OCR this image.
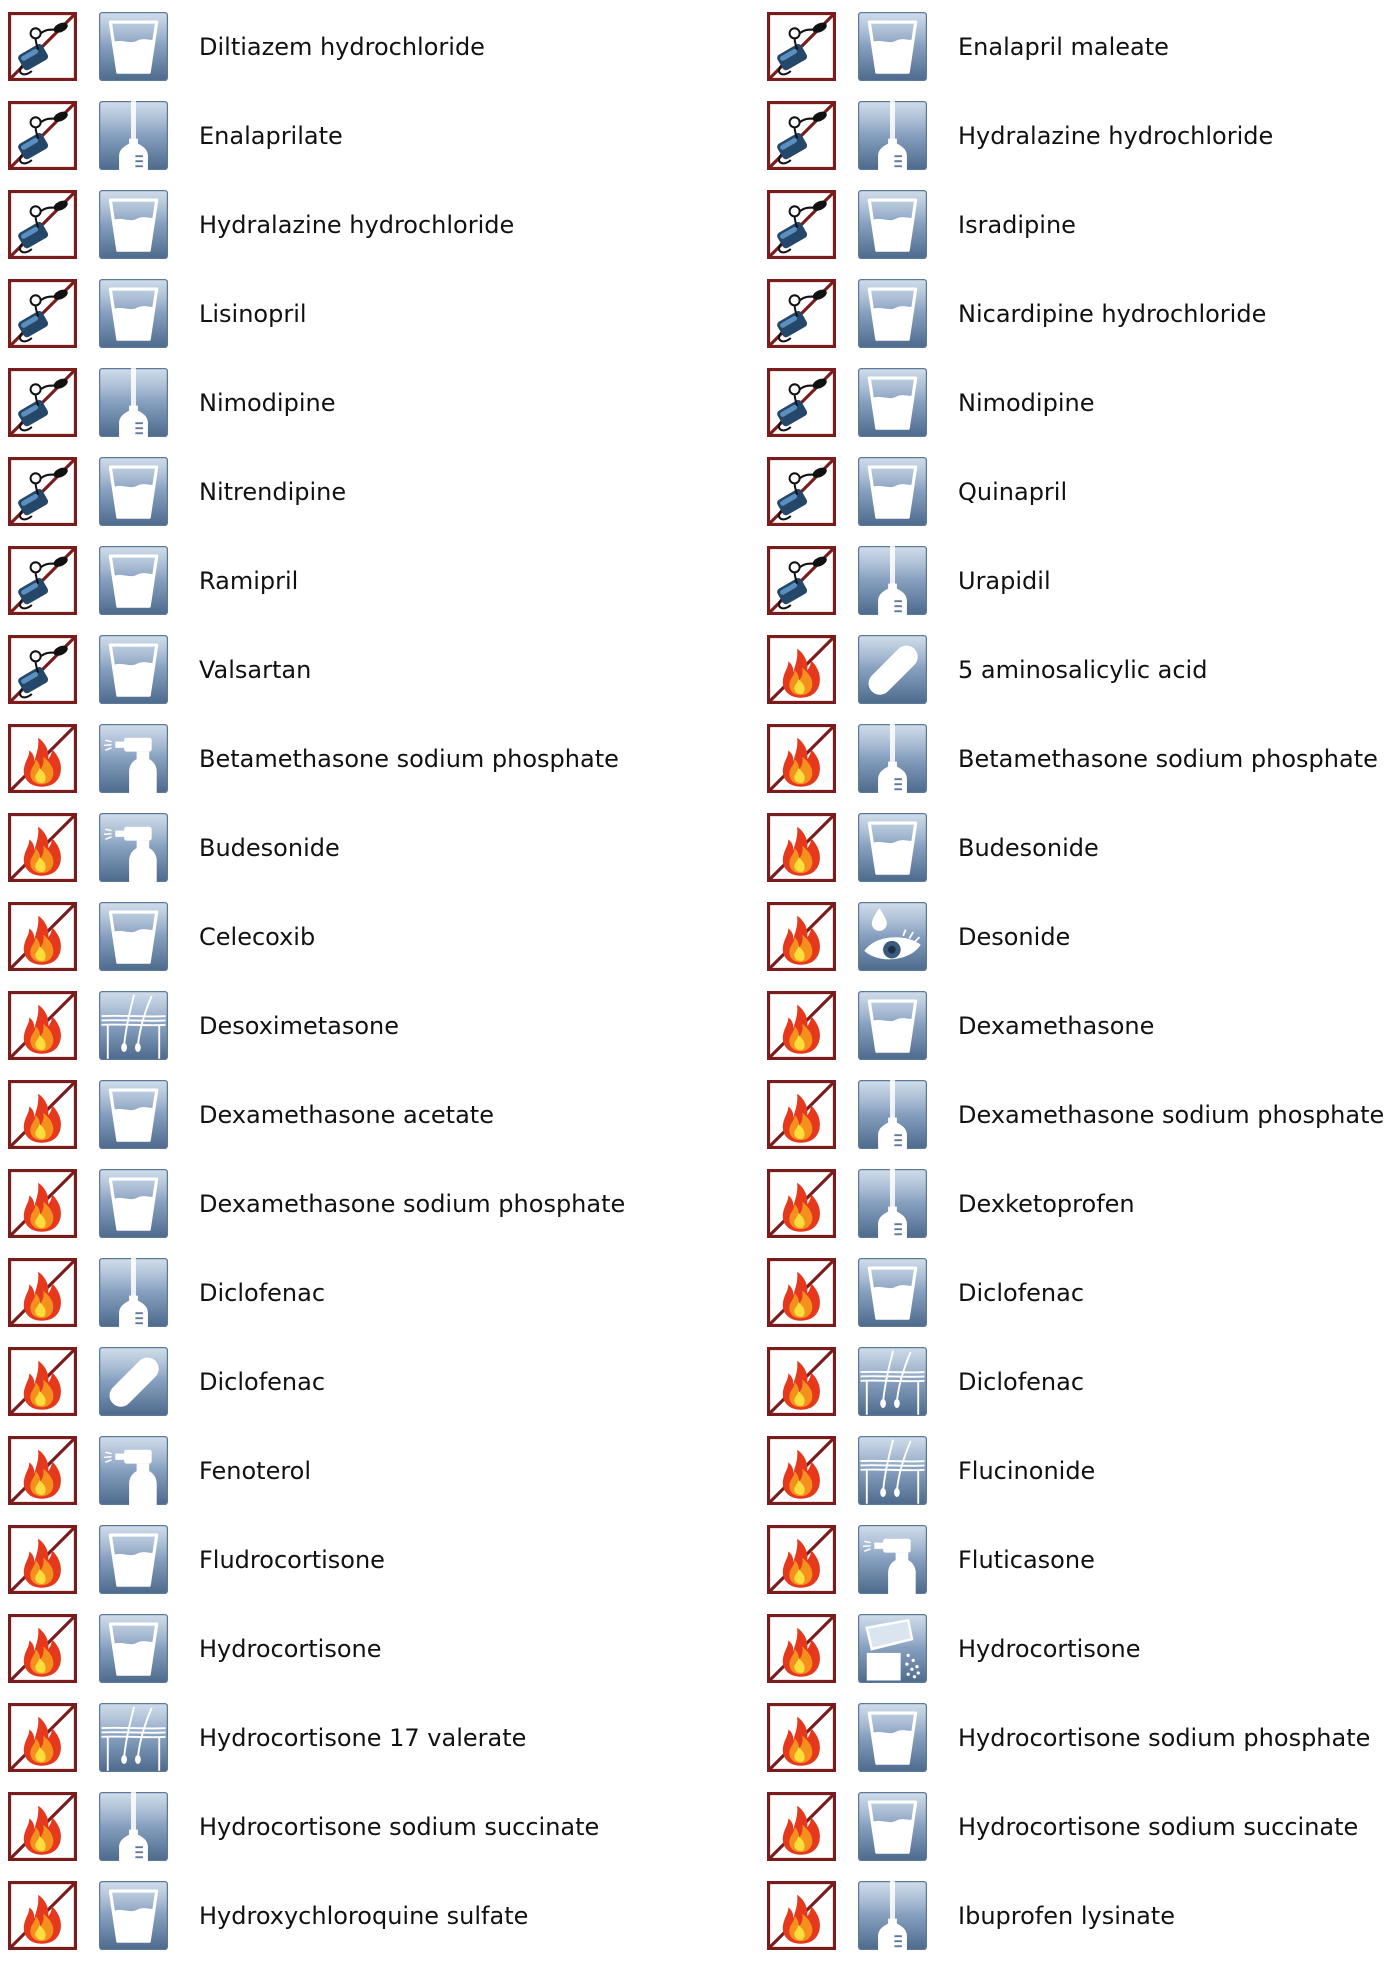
Diltiazem hydrochloride	Enalapril maleate
Enalaprilate	Hydralazine hydrochloride
Hydralazine hydrochloride	Isradipine
Lisinopril	Nicardipine hydrochloride
Nimodipine	Nimodipine
Nitrendipine	Quinapril
Ramipril	Urapidil
Valsartan	5 aminosalicylic acid
Betamethasone sodium phosphate	Betamethasone sodium phosphate
Budesonide	Budesonide
Celecoxib	Desonide
Desoximetasone	Dexamethasone
Dexamethasone acetate	Dexamethasone sodium phosphate
Dexamethasone sodium phosphate	Dexketoprofen
Diclofenac	Diclofenac
Diclofenac	Diclofenac
Fenoterol	Flucinonide
Fludrocortisone	Fluticasone
Hydrocortisone	Hydrocortisone
Hydrocortisone 17 valerate	Hydrocortisone sodium phosphate
Hydrocortisone sodium succinate	Hydrocortisone sodium succinate
Hydroxychloroquine sulfate	Ibuprofen lysinate
